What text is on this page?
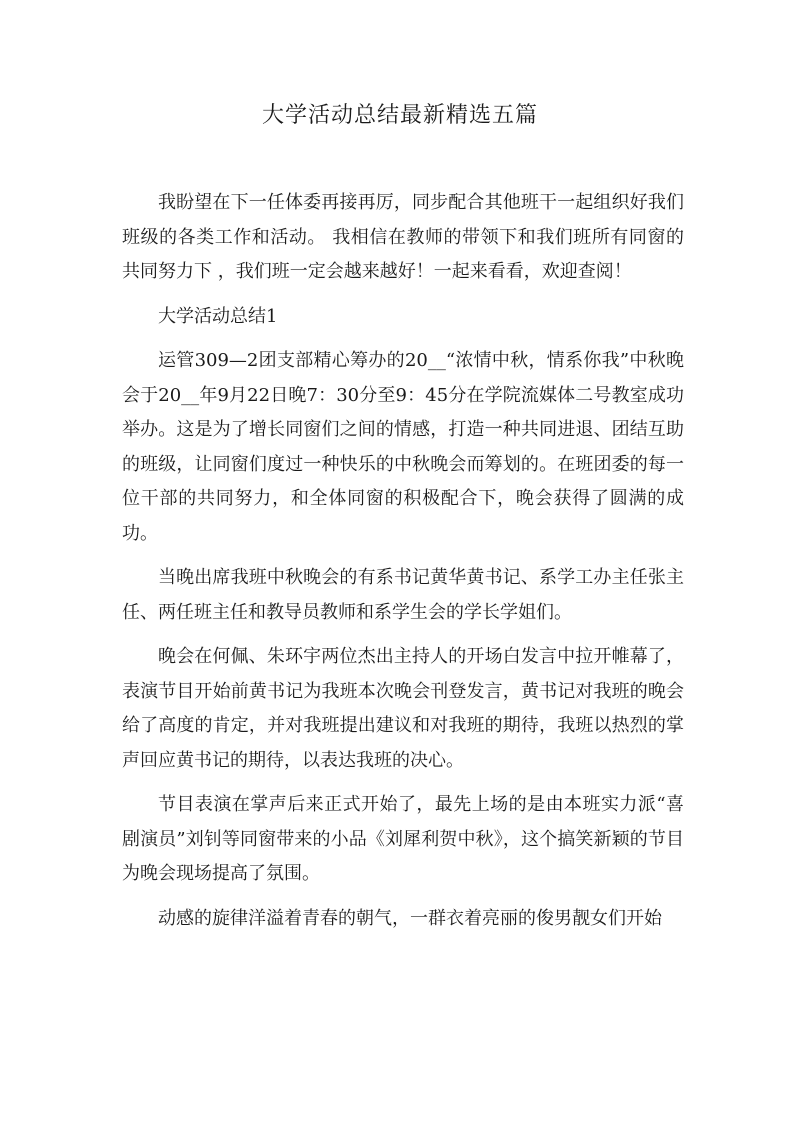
大学活动总结最新精选五篇

我盼望在下一任体委再接再厉，同步配合其他班干一起组织好我们班级的各类工作和活动。 我相信在教师的带领下和我们班所有同窗的共同努力下 ，我们班一定会越来越好！一起来看看，欢迎查阅！

大学活动总结1

运管309—2团支部精心筹办的20__“浓情中秋，情系你我”中秋晚会于20__年9月22日晚7：30分至9：45分在学院流媒体二号教室成功举办。这是为了增长同窗们之间的情感，打造一种共同进退、团结互助的班级，让同窗们度过一种快乐的中秋晚会而筹划的。在班团委的每一位干部的共同努力，和全体同窗的积极配合下，晚会获得了圆满的成功。

当晚出席我班中秋晚会的有系书记黄华黄书记、系学工办主任张主任、两任班主任和教导员教师和系学生会的学长学姐们。

晚会在何佩、朱环宇两位杰出主持人的开场白发言中拉开帷幕了，表演节目开始前黄书记为我班本次晚会刊登发言，黄书记对我班的晚会给了高度的肯定，并对我班提出建议和对我班的期待，我班以热烈的掌声回应黄书记的期待，以表达我班的决心。

节目表演在掌声后来正式开始了，最先上场的是由本班实力派“喜剧演员”刘钊等同窗带来的小品《刘犀利贺中秋》，这个搞笑新颖的节目为晚会现场提高了氛围。

动感的旋律洋溢着青春的朝气，一群衣着亮丽的俊男靓女们开始
